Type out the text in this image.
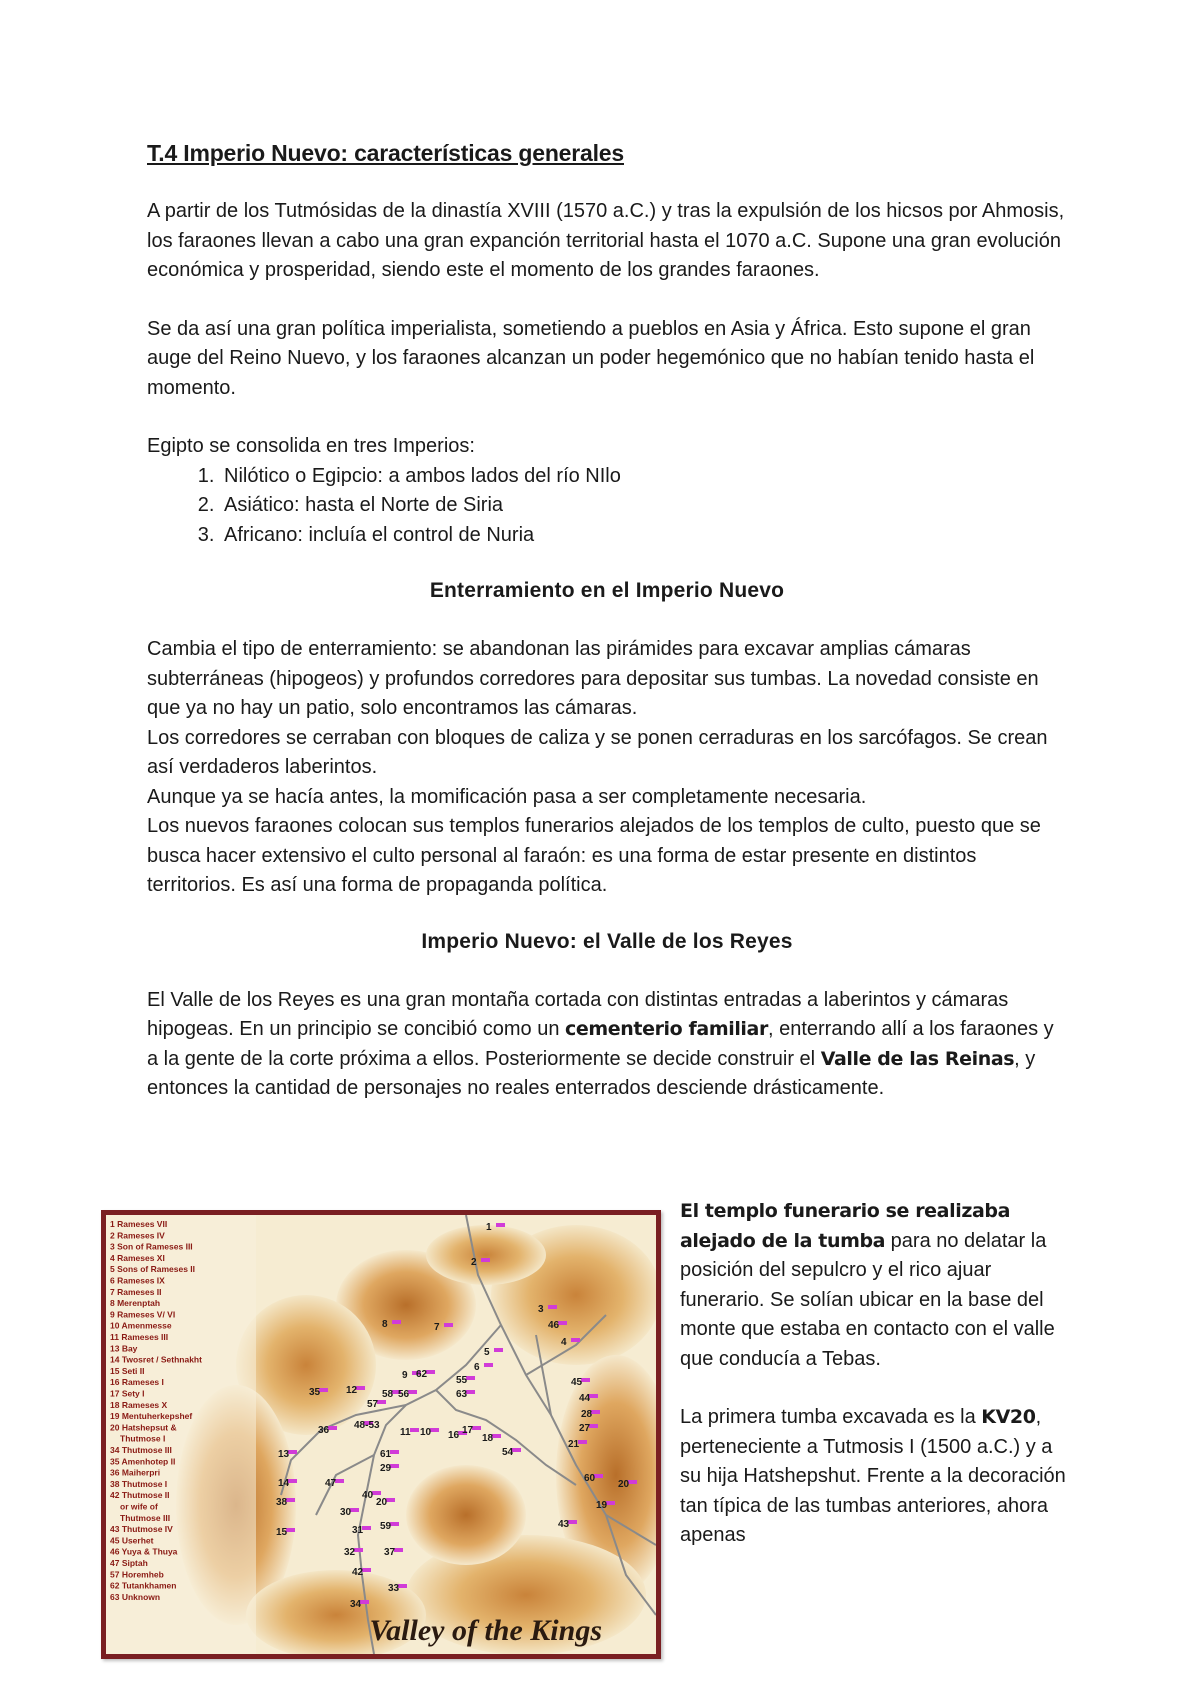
T.4 Imperio Nuevo: características generales

A partir de los Tutmósidas de la dinastía XVIII (1570 a.C.) y tras la expulsión de los hicsos por Ahmosis, los faraones llevan a cabo una gran expanción territorial hasta el 1070 a.C. Supone una gran evolución económica y prosperidad, siendo este el momento de los grandes faraones.

Se da así una gran política imperialista, sometiendo a pueblos en Asia y África. Esto supone el gran auge del Reino Nuevo, y los faraones alcanzan un poder hegemónico que no habían tenido hasta el momento.

Egipto se consolida en tres Imperios:

1. Nilótico o Egipcio: a ambos lados del río NIlo
2. Asiático: hasta el Norte de Siria
3. Africano: incluía el control de Nuria
Enterramiento en el Imperio Nuevo

Cambia el tipo de enterramiento: se abandonan las pirámides para excavar amplias cámaras subterráneas (hipogeos) y profundos corredores para depositar sus tumbas. La novedad consiste en que ya no hay un patio, solo encontramos las cámaras.

Los corredores se cerraban con bloques de caliza y se ponen cerraduras en los sarcófagos. Se crean así verdaderos laberintos.

Aunque ya se hacía antes, la momificación pasa a ser completamente necesaria.

Los nuevos faraones colocan sus templos funerarios alejados de los templos de culto, puesto que se busca hacer extensivo el culto personal al faraón: es una forma de estar presente en distintos territorios. Es así una forma de propaganda política.

Imperio Nuevo: el Valle de los Reyes

El Valle de los Reyes es una gran montaña cortada con distintas entradas a laberintos y cámaras hipogeas. En un principio se concibió como un cementerio familiar, enterrando allí a los faraones y a la gente de la corte próxima a ellos. Posteriormente se decide construir el Valle de las Reinas, y entonces la cantidad de personajes no reales enterrados desciende drásticamente.

1 Rameses VII
2 Rameses IV
3 Son of Rameses III
4 Rameses XI
5 Sons of Rameses II
6 Rameses IX
7 Rameses II
8 Merenptah
9 Rameses V/ VI
10 Amenmesse
11 Rameses III
13 Bay
14 Twosret / Sethnakht
15 Seti II
16 Rameses I
17 Sety I
18 Rameses X
19 Mentuherkepshef
20 Hatshepsut &
Thutmose I
34 Thutmose III
35 Amenhotep II
36 Maiherpri
38 Thutmose I
42 Thutmose II
or wife of
Thutmose III
43 Thutmose IV
45 Userhet
46 Yuya & Thuya
47 Siptah
57 Horemheb
62 Tutankhamen
63 Unknown
1
2
3
46
4
8	7
5
6
9 62
55
63
45
44
28
27
21
35	12
57
58 56
36 48-53
11 10 16 17
18
54
13	61
29
14	47	60
20
19
38
40
20
30
59	43
15	31
32	37
42
33
34
Valley of the Kings

El templo funerario se realizaba alejado de la tumba para no delatar la posición del sepulcro y el rico ajuar funerario. Se solían ubicar en la base del monte que estaba en contacto con el valle que conducía a Tebas.

La primera tumba excavada es la KV20, perteneciente a Tutmosis I (1500 a.C.) y a su hija Hatshepshut. Frente a la decoración tan típica de las tumbas anteriores, ahora apenas
